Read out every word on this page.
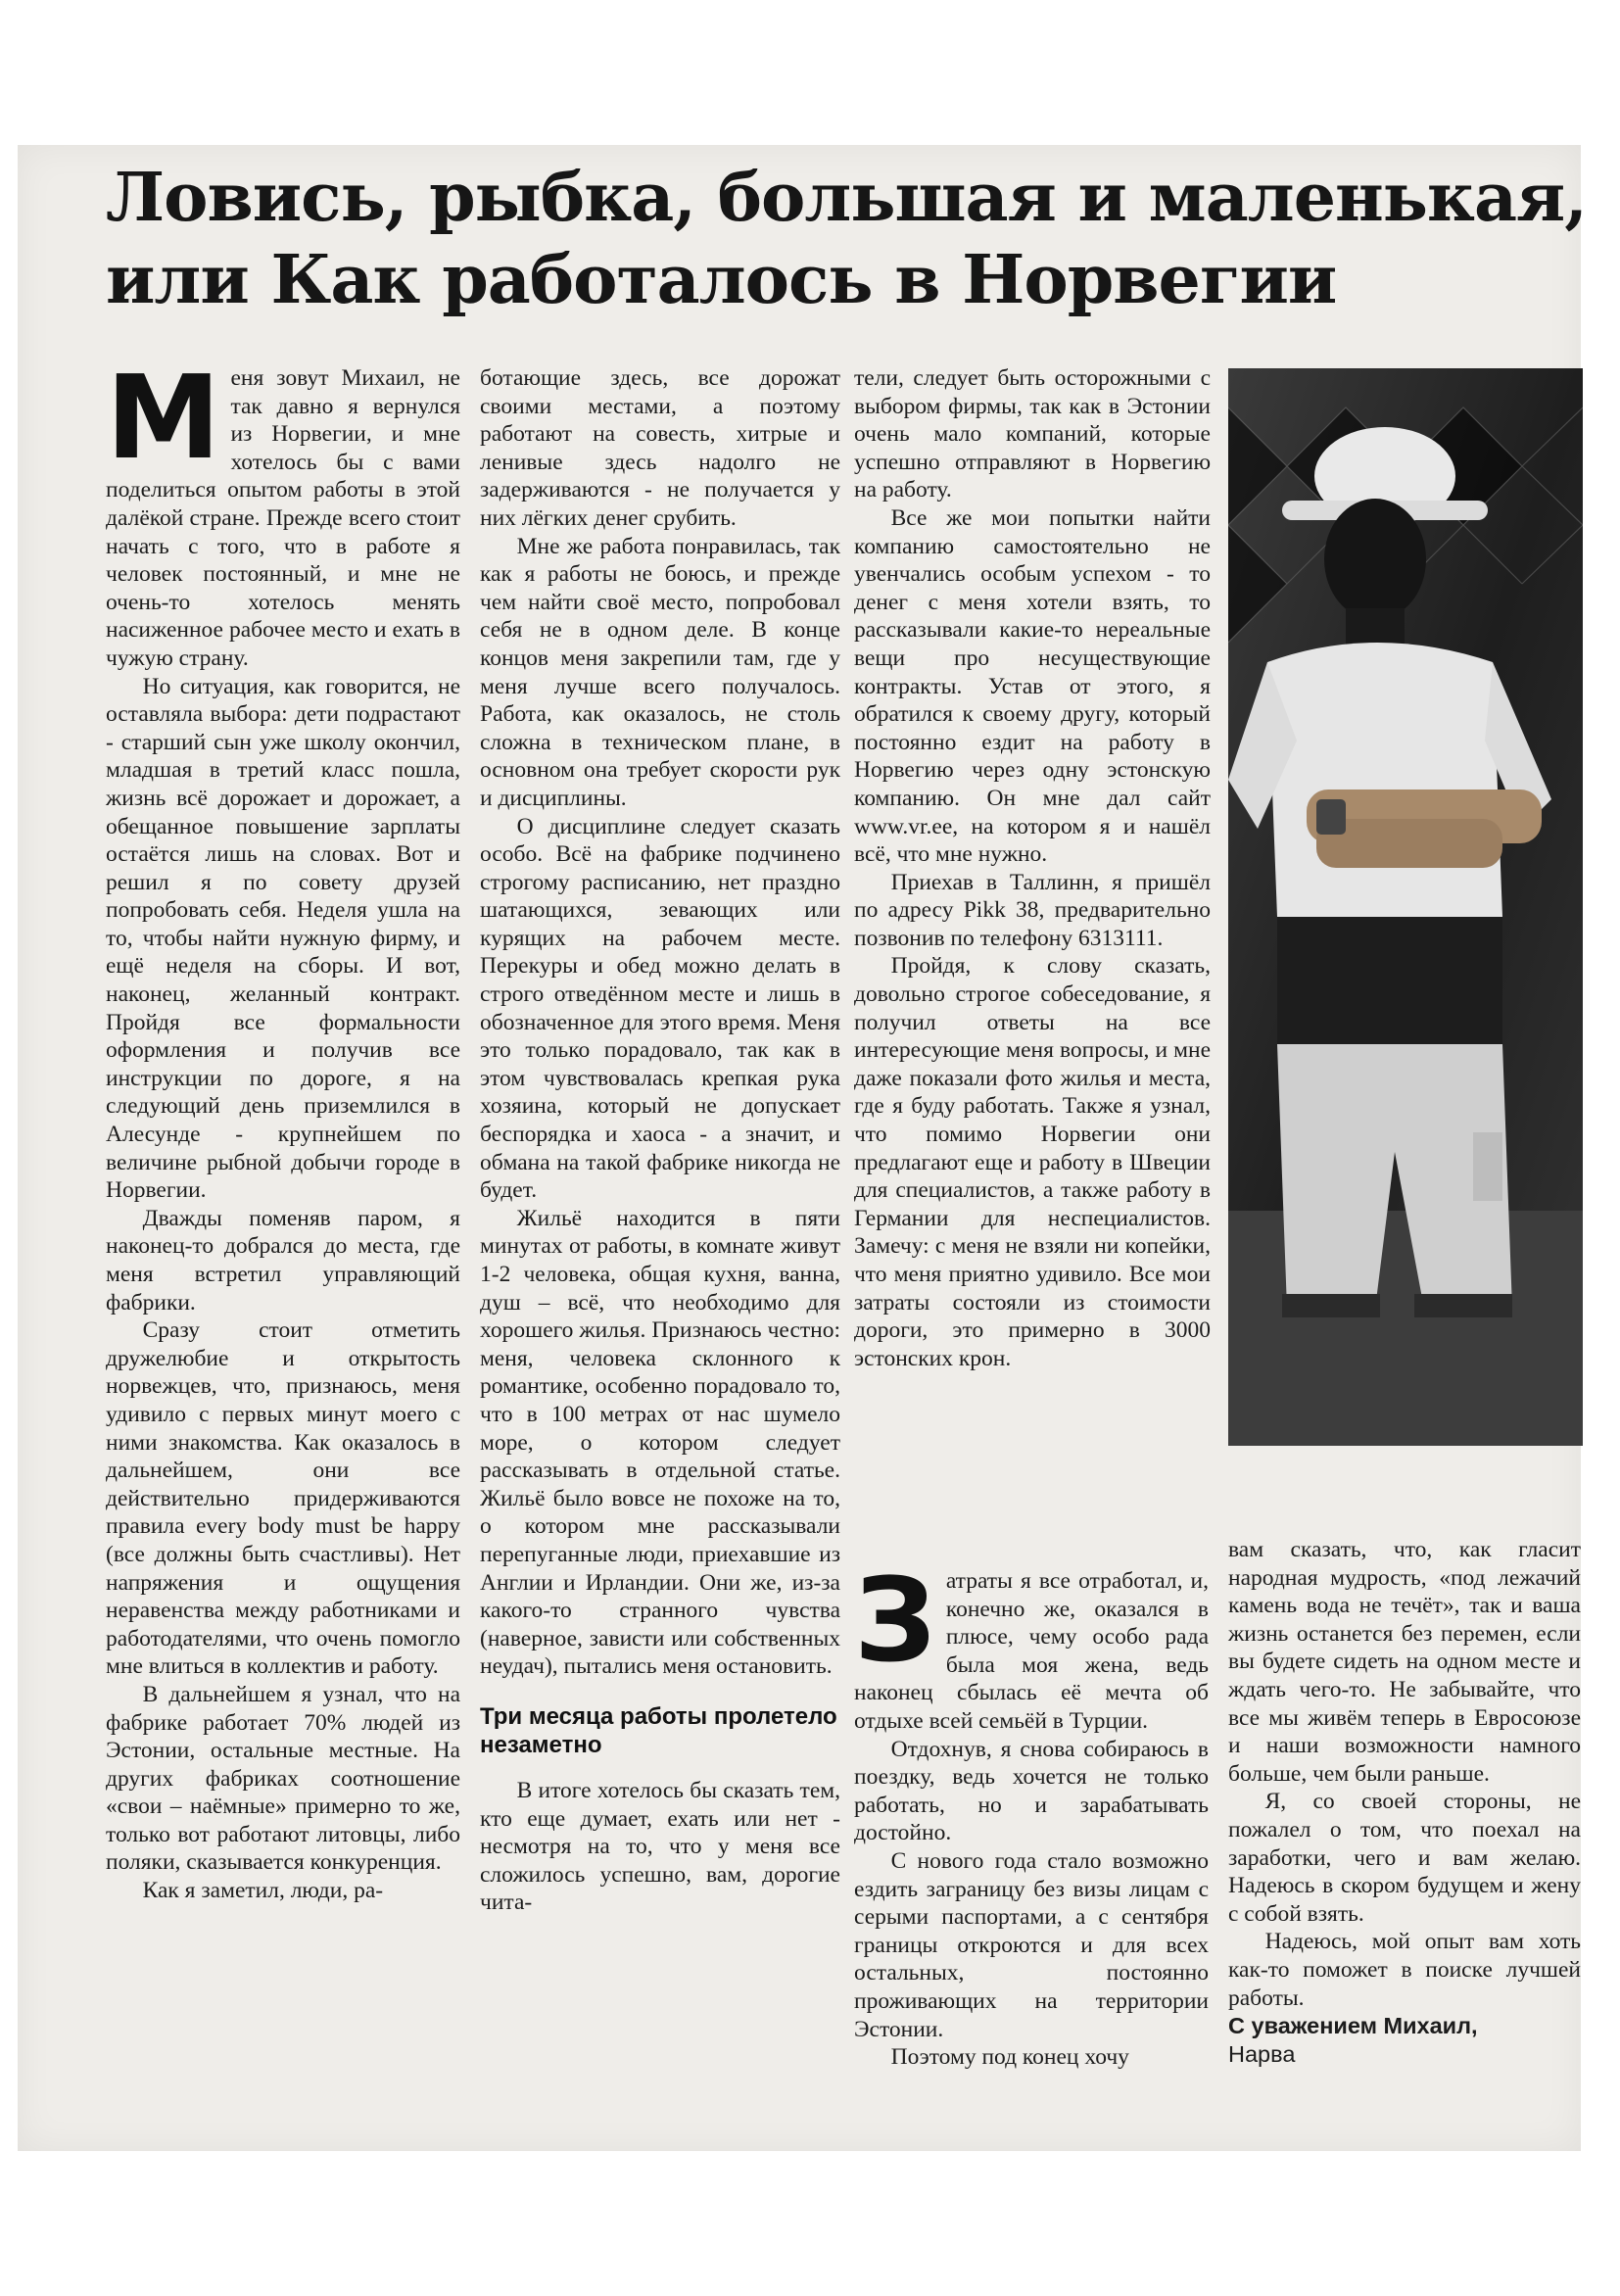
Ловись, рыбка, большая и маленькая,
или Как работалось в Норвегии

Меня зовут Михаил, не так давно я вернулся из Норвегии, и мне хотелось бы с вами поделиться опытом работы в этой далёкой стране. Прежде всего стоит начать с того, что в работе я человек постоянный, и мне не очень-то хотелось менять насиженное рабочее место и ехать в чужую страну.

Но ситуация, как говорится, не оставляла выбора: дети подрастают - старший сын уже школу окончил, младшая в третий класс пошла, жизнь всё дорожает и дорожает, а обещанное повышение зарплаты остаётся лишь на словах. Вот и решил я по совету друзей попробовать себя. Неделя ушла на то, чтобы найти нужную фирму, и ещё неделя на сборы. И вот, наконец, желанный контракт. Пройдя все формальности оформления и получив все инструкции по дороге, я на следующий день приземлился в Алесунде - крупнейшем по величине рыбной добычи городе в Норвегии.

Дважды поменяв паром, я наконец-то добрался до места, где меня встретил управляющий фабрики.

Сразу стоит отметить дружелюбие и открытость норвежцев, что, признаюсь, меня удивило с первых минут моего с ними знакомства. Как оказалось в дальнейшем, они все действительно придерживаются правила every body must be happy (все должны быть счастливы). Нет напряжения и ощущения неравенства между работниками и работодателями, что очень помогло мне влиться в коллектив и работу.

В дальнейшем я узнал, что на фабрике работает 70% людей из Эстонии, остальные местные. На других фабриках соотношение «свои – наёмные» примерно то же, только вот работают литовцы, либо поляки, сказывается конкуренция.

Как я заметил, люди, ра-

ботающие здесь, все дорожат своими местами, а поэтому работают на совесть, хитрые и ленивые здесь надолго не задерживаются - не получается у них лёгких денег срубить.

Мне же работа понравилась, так как я работы не боюсь, и прежде чем найти своё место, попробовал себя не в одном деле. В конце концов меня закрепили там, где у меня лучше всего получалось. Работа, как оказалось, не столь сложна в техническом плане, в основном она требует скорости рук и дисциплины.

О дисциплине следует сказать особо. Всё на фабрике подчинено строгому расписанию, нет праздно шатающихся, зевающих или курящих на рабочем месте. Перекуры и обед можно делать в строго отведённом месте и лишь в обозначенное для этого время. Меня это только порадовало, так как в этом чувствовалась крепкая рука хозяина, который не допускает беспорядка и хаоса - а значит, и обмана на такой фабрике никогда не будет.

Жильё находится в пяти минутах от работы, в комнате живут 1-2 человека, общая кухня, ванна, душ – всё, что необходимо для хорошего жилья. Признаюсь честно: меня, человека склонного к романтике, особенно порадовало то, что в 100 метрах от нас шумело море, о котором следует рассказывать в отдельной статье. Жильё было вовсе не похоже на то, о котором мне рассказывали перепуганные люди, приехавшие из Англии и Ирландии. Они же, из-за какого-то странного чувства (наверное, зависти или собственных неудач), пытались меня остановить.

Три месяца работы пролетело незаметно

В итоге хотелось бы сказать тем, кто еще думает, ехать или нет - несмотря на то, что у меня все сложилось успешно, вам, дорогие чита-

тели, следует быть осторожными с выбором фирмы, так как в Эстонии очень мало компаний, которые успешно отправляют в Норвегию на работу.

Все же мои попытки найти компанию самостоятельно не увенчались особым успехом - то денег с меня хотели взять, то рассказывали какие-то нереальные вещи про несуществующие контракты. Устав от этого, я обратился к своему другу, который постоянно ездит на работу в Норвегию через одну эстонскую компанию. Он мне дал сайт www.vr.ee, на котором я и нашёл всё, что мне нужно.

Приехав в Таллинн, я пришёл по адресу Pikk 38, предварительно позвонив по телефону 6313111.

Пройдя, к слову сказать, довольно строгое собеседование, я получил ответы на все интересующие меня вопросы, и мне даже показали фото жилья и места, где я буду работать. Также я узнал, что помимо Норвегии они предлагают еще и работу в Швеции для специалистов, а также работу в Германии для неспециалистов. Замечу: с меня не взяли ни копейки, что меня приятно удивило. Все мои затраты состояли из стоимости дороги, это примерно в 3000 эстонских крон.

Затраты я все отработал, и, конечно же, оказался в плюсе, чему особо рада была моя жена, ведь наконец сбылась её мечта об отдыхе всей семьёй в Турции.

Отдохнув, я снова собираюсь в поездку, ведь хочется не только работать, но и зарабатывать достойно.

С нового года стало возможно ездить заграницу без визы лицам с серыми паспортами, а с сентября границы откроются и для всех остальных, постоянно проживающих на территории Эстонии.

Поэтому под конец хочу

вам сказать, что, как гласит народная мудрость, «под лежачий камень вода не течёт», так и ваша жизнь останется без перемен, если вы будете сидеть на одном месте и ждать чего-то. Не забывайте, что все мы живём теперь в Евросоюзе и наши возможности намного больше, чем были раньше.

Я, со своей стороны, не пожалел о том, что поехал на заработки, чего и вам желаю. Надеюсь в скором будущем и жену с собой взять.

Надеюсь, мой опыт вам хоть как-то поможет в поиске лучшей работы.

С уважением Михаил,

Нарва
